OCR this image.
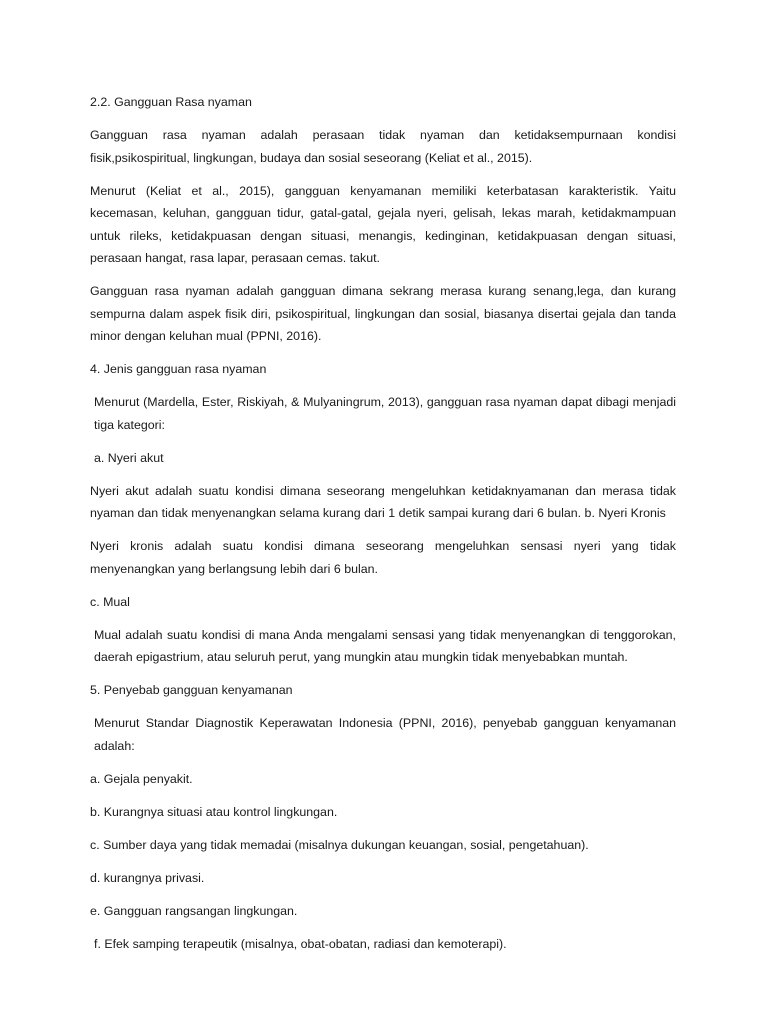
2.2. Gangguan Rasa nyaman

Gangguan rasa nyaman adalah perasaan tidak nyaman dan ketidaksempurnaan kondisi fisik,psikospiritual, lingkungan, budaya dan sosial seseorang (Keliat et al., 2015).

Menurut (Keliat et al., 2015), gangguan kenyamanan memiliki keterbatasan karakteristik. Yaitu kecemasan, keluhan, gangguan tidur, gatal-gatal, gejala nyeri, gelisah, lekas marah, ketidakmampuan untuk rileks, ketidakpuasan dengan situasi, menangis, kedinginan, ketidakpuasan dengan situasi, perasaan hangat, rasa lapar, perasaan cemas. takut.

Gangguan rasa nyaman adalah gangguan dimana sekrang merasa kurang senang,lega, dan kurang sempurna dalam aspek fisik diri, psikospiritual, lingkungan dan sosial, biasanya disertai gejala dan tanda minor dengan keluhan mual (PPNI, 2016).

4. Jenis gangguan rasa nyaman

Menurut (Mardella, Ester, Riskiyah, & Mulyaningrum, 2013), gangguan rasa nyaman dapat dibagi menjadi tiga kategori:

a. Nyeri akut

Nyeri akut adalah suatu kondisi dimana seseorang mengeluhkan ketidaknyamanan dan merasa tidak nyaman dan tidak menyenangkan selama kurang dari 1 detik sampai kurang dari 6 bulan. b. Nyeri Kronis

Nyeri kronis adalah suatu kondisi dimana seseorang mengeluhkan sensasi nyeri yang tidak menyenangkan yang berlangsung lebih dari 6 bulan.

c. Mual

Mual adalah suatu kondisi di mana Anda mengalami sensasi yang tidak menyenangkan di tenggorokan, daerah epigastrium, atau seluruh perut, yang mungkin atau mungkin tidak menyebabkan muntah.

5. Penyebab gangguan kenyamanan

Menurut Standar Diagnostik Keperawatan Indonesia (PPNI, 2016), penyebab gangguan kenyamanan adalah:

a. Gejala penyakit.

b. Kurangnya situasi atau kontrol lingkungan.

c. Sumber daya yang tidak memadai (misalnya dukungan keuangan, sosial, pengetahuan).

d. kurangnya privasi.

e. Gangguan rangsangan lingkungan.

f. Efek samping terapeutik (misalnya, obat-obatan, radiasi dan kemoterapi).
